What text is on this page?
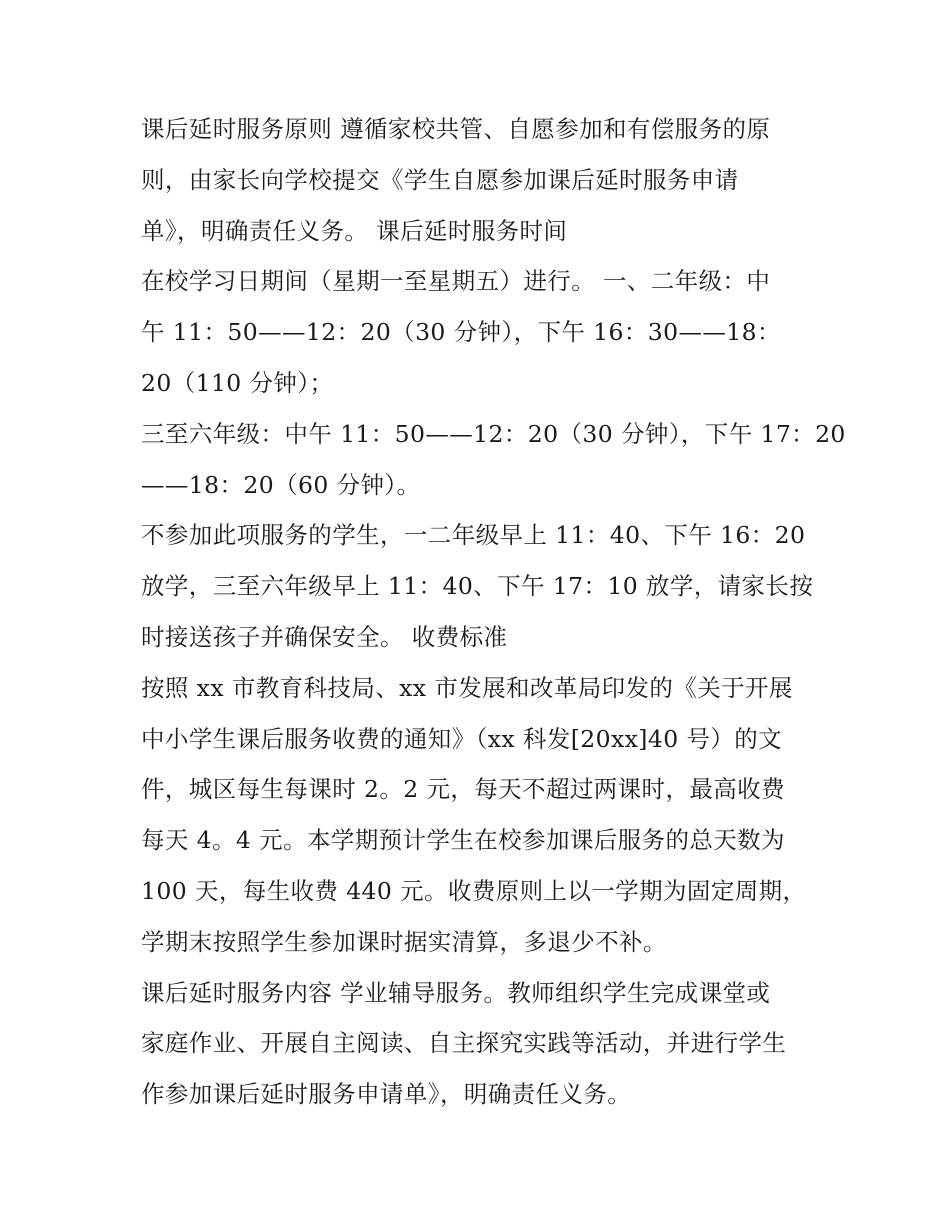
课后延时服务原则 遵循家校共管、自愿参加和有偿服务的原
则，由家长向学校提交《学生自愿参加课后延时服务申请
单》，明确责任义务。 课后延时服务时间
在校学习日期间（星期一至星期五）进行。 一、二年级：中
午 11：50——12：20（30 分钟），下午 16：30——18：
20（110 分钟）；
三至六年级：中午 11：50——12：20（30 分钟），下午 17：20
——18：20（60 分钟）。
不参加此项服务的学生，一二年级早上 11：40、下午 16：20
放学，三至六年级早上 11：40、下午 17：10 放学，请家长按
时接送孩子并确保安全。 收费标准
按照 xx 市教育科技局、xx 市发展和改革局印发的《关于开展
中小学生课后服务收费的通知》（xx 科发[20xx]40 号）的文
件，城区每生每课时 2。2 元，每天不超过两课时，最高收费
每天 4。4 元。本学期预计学生在校参加课后服务的总天数为
100 天，每生收费 440 元。收费原则上以一学期为固定周期，
学期末按照学生参加课时据实清算，多退少不补。
课后延时服务内容 学业辅导服务。教师组织学生完成课堂或
家庭作业、开展自主阅读、自主探究实践等活动，并进行学生
作参加课后延时服务申请单》，明确责任义务。
